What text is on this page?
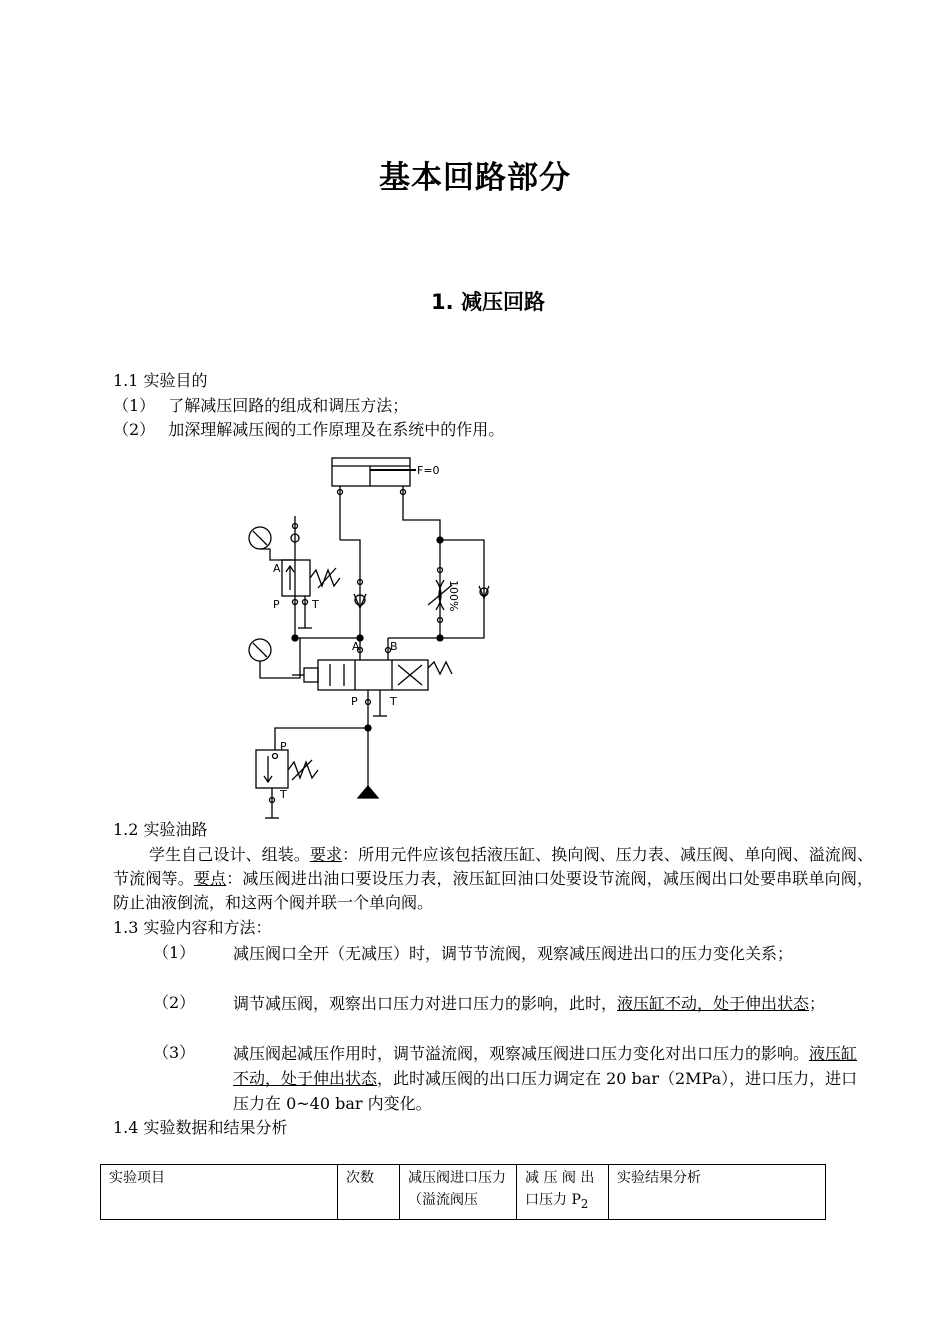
基本回路部分
1. 减压回路
1.1 实验目的
（1） 了解减压回路的组成和调压方法；
（2） 加深理解减压阀的工作原理及在系统中的作用。
F=0
100%
A
P	T
A	B
P	T
P
T
1.2 实验油路
学生自己设计、组装。要求：所用元件应该包括液压缸、换向阀、压力表、减压阀、单向阀、溢流阀、节流阀等。要点：减压阀进出油口要设压力表，液压缸回油口处要设节流阀，减压阀出口处要串联单向阀，防止油液倒流，和这两个阀并联一个单向阀。
1.3 实验内容和方法：
（1） 减压阀口全开（无减压）时，调节节流阀，观察减压阀进出口的压力变化关系；
（2） 调节减压阀，观察出口压力对进口压力的影响，此时，液压缸不动，处于伸出状态；
（3） 减压阀起减压作用时，调节溢流阀，观察减压阀进口压力变化对出口压力的影响。液压缸不动，处于伸出状态，此时减压阀的出口压力调定在 20 bar（2MPa），进口压力，进口压力在 0~40 bar 内变化。
1.4 实验数据和结果分析
实验项目	次数	减压阀进口压力（溢流阀压	减 压 阀 出口压力 $P_2$	实验结果分析
